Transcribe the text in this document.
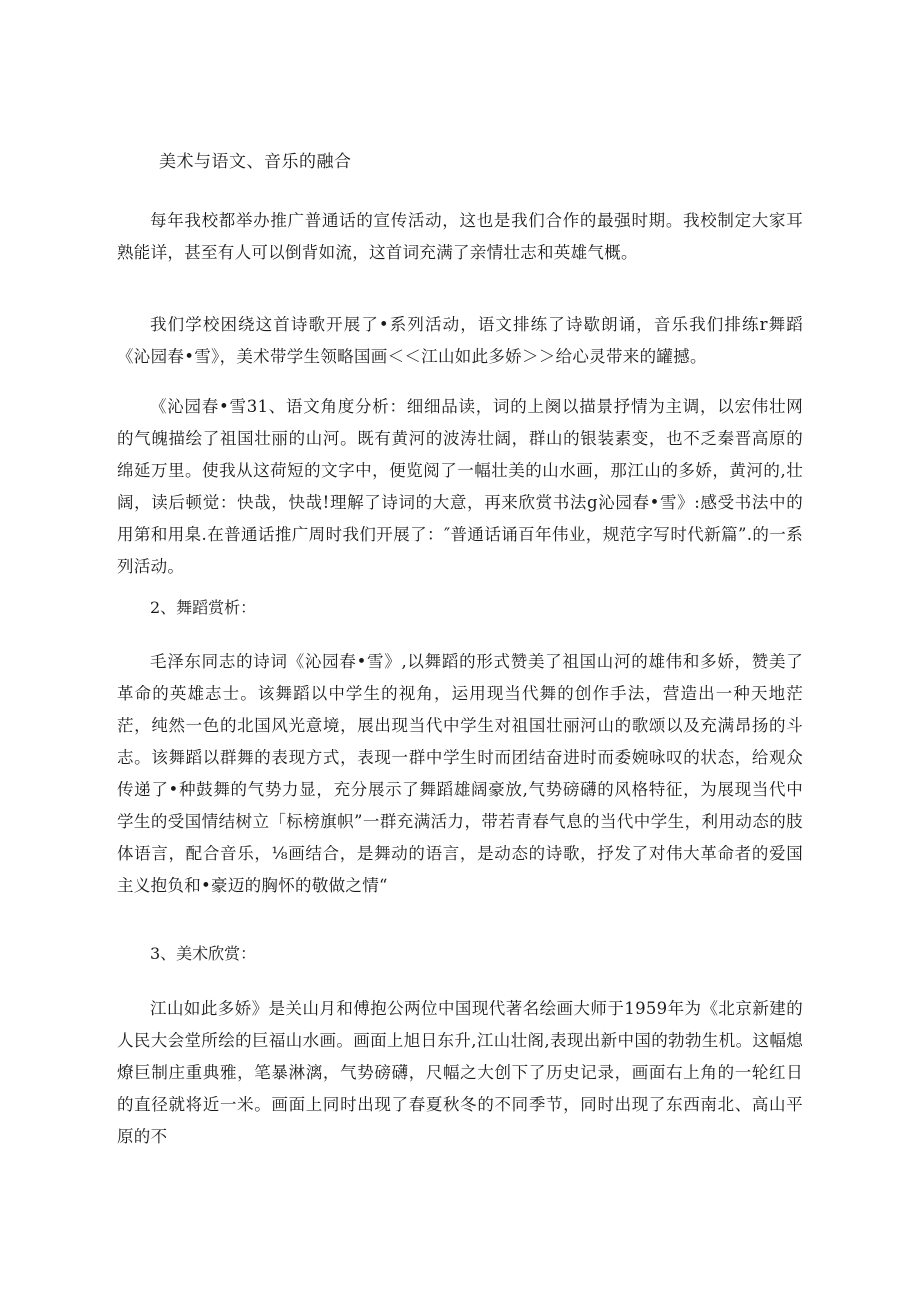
美术与语文、音乐的融合

每年我校都举办推广普通话的宣传活动，这也是我们合作的最强时期。我校制定大家耳熟能详，甚至有人可以倒背如流，这首词充满了亲情壮志和英雄气概。

我们学校困绕这首诗歌开展了•系列活动，语文排练了诗歇朗诵，音乐我们排练r舞蹈《沁园春•雪》，美术带学生领略国画＜＜江山如此多娇＞＞给心灵带来的罐撼。

《沁园春•雪31、语文角度分析：细细品读，词的上阕以描景抒情为主调，以宏伟壮网的气魄描绘了祖国壮丽的山河。既有黄河的波涛壮阔，群山的银装素变，也不乏秦晋高原的绵延万里。使我从这荷短的文字中，便览阅了一幅壮美的山水画，那江山的多娇，黄河的,壮阔，读后顿觉：快哉，快哉!理解了诗词的大意，再来欣赏书法g沁园春•雪》:感受书法中的用第和用臬.在普通话推广周时我们开展了：″普通话诵百年伟业，规范字写时代新篇”.的一系列活动。

2、舞蹈赏析：

毛泽东同志的诗词《沁园春•雪》,以舞蹈的形式赞美了祖国山河的雄伟和多娇，赞美了革命的英雄志士。该舞蹈以中学生的视角，运用现当代舞的创作手法，营造出一种天地茫茫，纯然一色的北国风光意境，展出现当代中学生对祖国壮丽河山的歌颂以及充满昂扬的斗志。该舞蹈以群舞的表现方式，表现一群中学生时而团结奋进时而委婉咏叹的状态，给观众传递了•种鼓舞的气势力显，充分展示了舞蹈雄阔豪放,气势磅礴的风格特征，为展现当代中学生的受国情结树立「标榜旗帜”一群充满活力，带若青春气息的当代中学生，利用动态的肢体语言，配合音乐，⅛画结合，是舞动的语言，是动态的诗歌，抒发了对伟大革命者的爱国主义抱负和•豪迈的胸怀的敬做之情“

3、美术欣赏：

江山如此多娇》是关山月和傅抱公两位中国现代著名绘画大师于1959年为《北京新建的人民大会堂所绘的巨福山水画。画面上旭日东升,江山壮阁,表现出新中国的勃勃生机。这幅熄燎巨制庄重典雅，笔暴淋漓，气势磅礴，尺幅之大创下了历史记录，画面右上角的一轮红日的直径就将近一米。画面上同时出现了春夏秋冬的不同季节，同时出现了东西南北、高山平原的不
